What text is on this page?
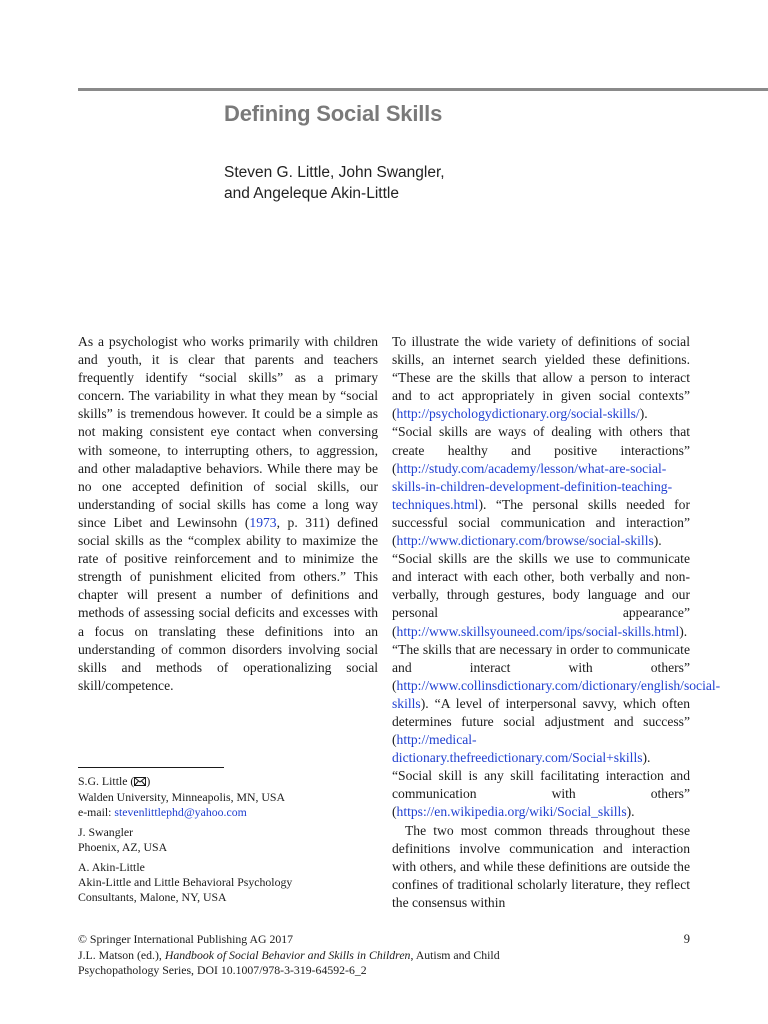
Defining Social Skills
Steven G. Little, John Swangler,
and Angeleque Akin-Little

As a psychologist who works primarily with children and youth, it is clear that parents and teachers frequently identify “social skills” as a primary concern. The variability in what they mean by “social skills” is tremendous however. It could be a simple as not making consistent eye contact when conversing with someone, to interrupting others, to aggression, and other maladaptive behaviors. While there may be no one accepted definition of social skills, our understanding of social skills has come a long way since Libet and Lewinsohn (1973, p. 311) defined social skills as the “complex ability to maximize the rate of positive reinforcement and to minimize the strength of punishment elicited from others.” This chapter will present a number of definitions and methods of assessing social deficits and excesses with a focus on translating these definitions into an understanding of common disorders involving social skills and methods of operationalizing social skill/competence.

To illustrate the wide variety of definitions of social skills, an internet search yielded these definitions. “These are the skills that allow a person to interact and to act appropriately in given social contexts” (http://psychologydictionary.org/social-skills/). “Social skills are ways of dealing with others that create healthy and positive interactions” (http://study.com/academy/lesson/what-are-social-skills-in-children-development-definition-teaching-techniques.html). “The personal skills needed for successful social communication and interaction” (http://www.dictionary.com/browse/social-skills). “Social skills are the skills we use to communicate and interact with each other, both verbally and non-verbally, through gestures, body language and our personal appearance” (http://www.skillsyouneed.com/ips/social-skills.html). “The skills that are necessary in order to communicate and interact with others” (http://www.collinsdictionary.com/dictionary/english/social-skills). “A level of interpersonal savvy, which often determines future social adjustment and success” (http://medical-dictionary.thefreedictionary.com/Social+skills). “Social skill is any skill facilitating interaction and communication with others” (https://en.wikipedia.org/wiki/Social_skills).

The two most common threads throughout these definitions involve communication and interaction with others, and while these definitions are outside the confines of traditional scholarly literature, they reflect the consensus within

S.G. Little ( )
Walden University, Minneapolis, MN, USA
e-mail: stevenlittlephd@yahoo.com
J. Swangler
Phoenix, AZ, USA
A. Akin-Little
Akin-Little and Little Behavioral Psychology
Consultants, Malone, NY, USA
© Springer International Publishing AG 2017
J.L. Matson (ed.), Handbook of Social Behavior and Skills in Children, Autism and Child
Psychopathology Series, DOI 10.1007/978-3-319-64592-6_2
9
